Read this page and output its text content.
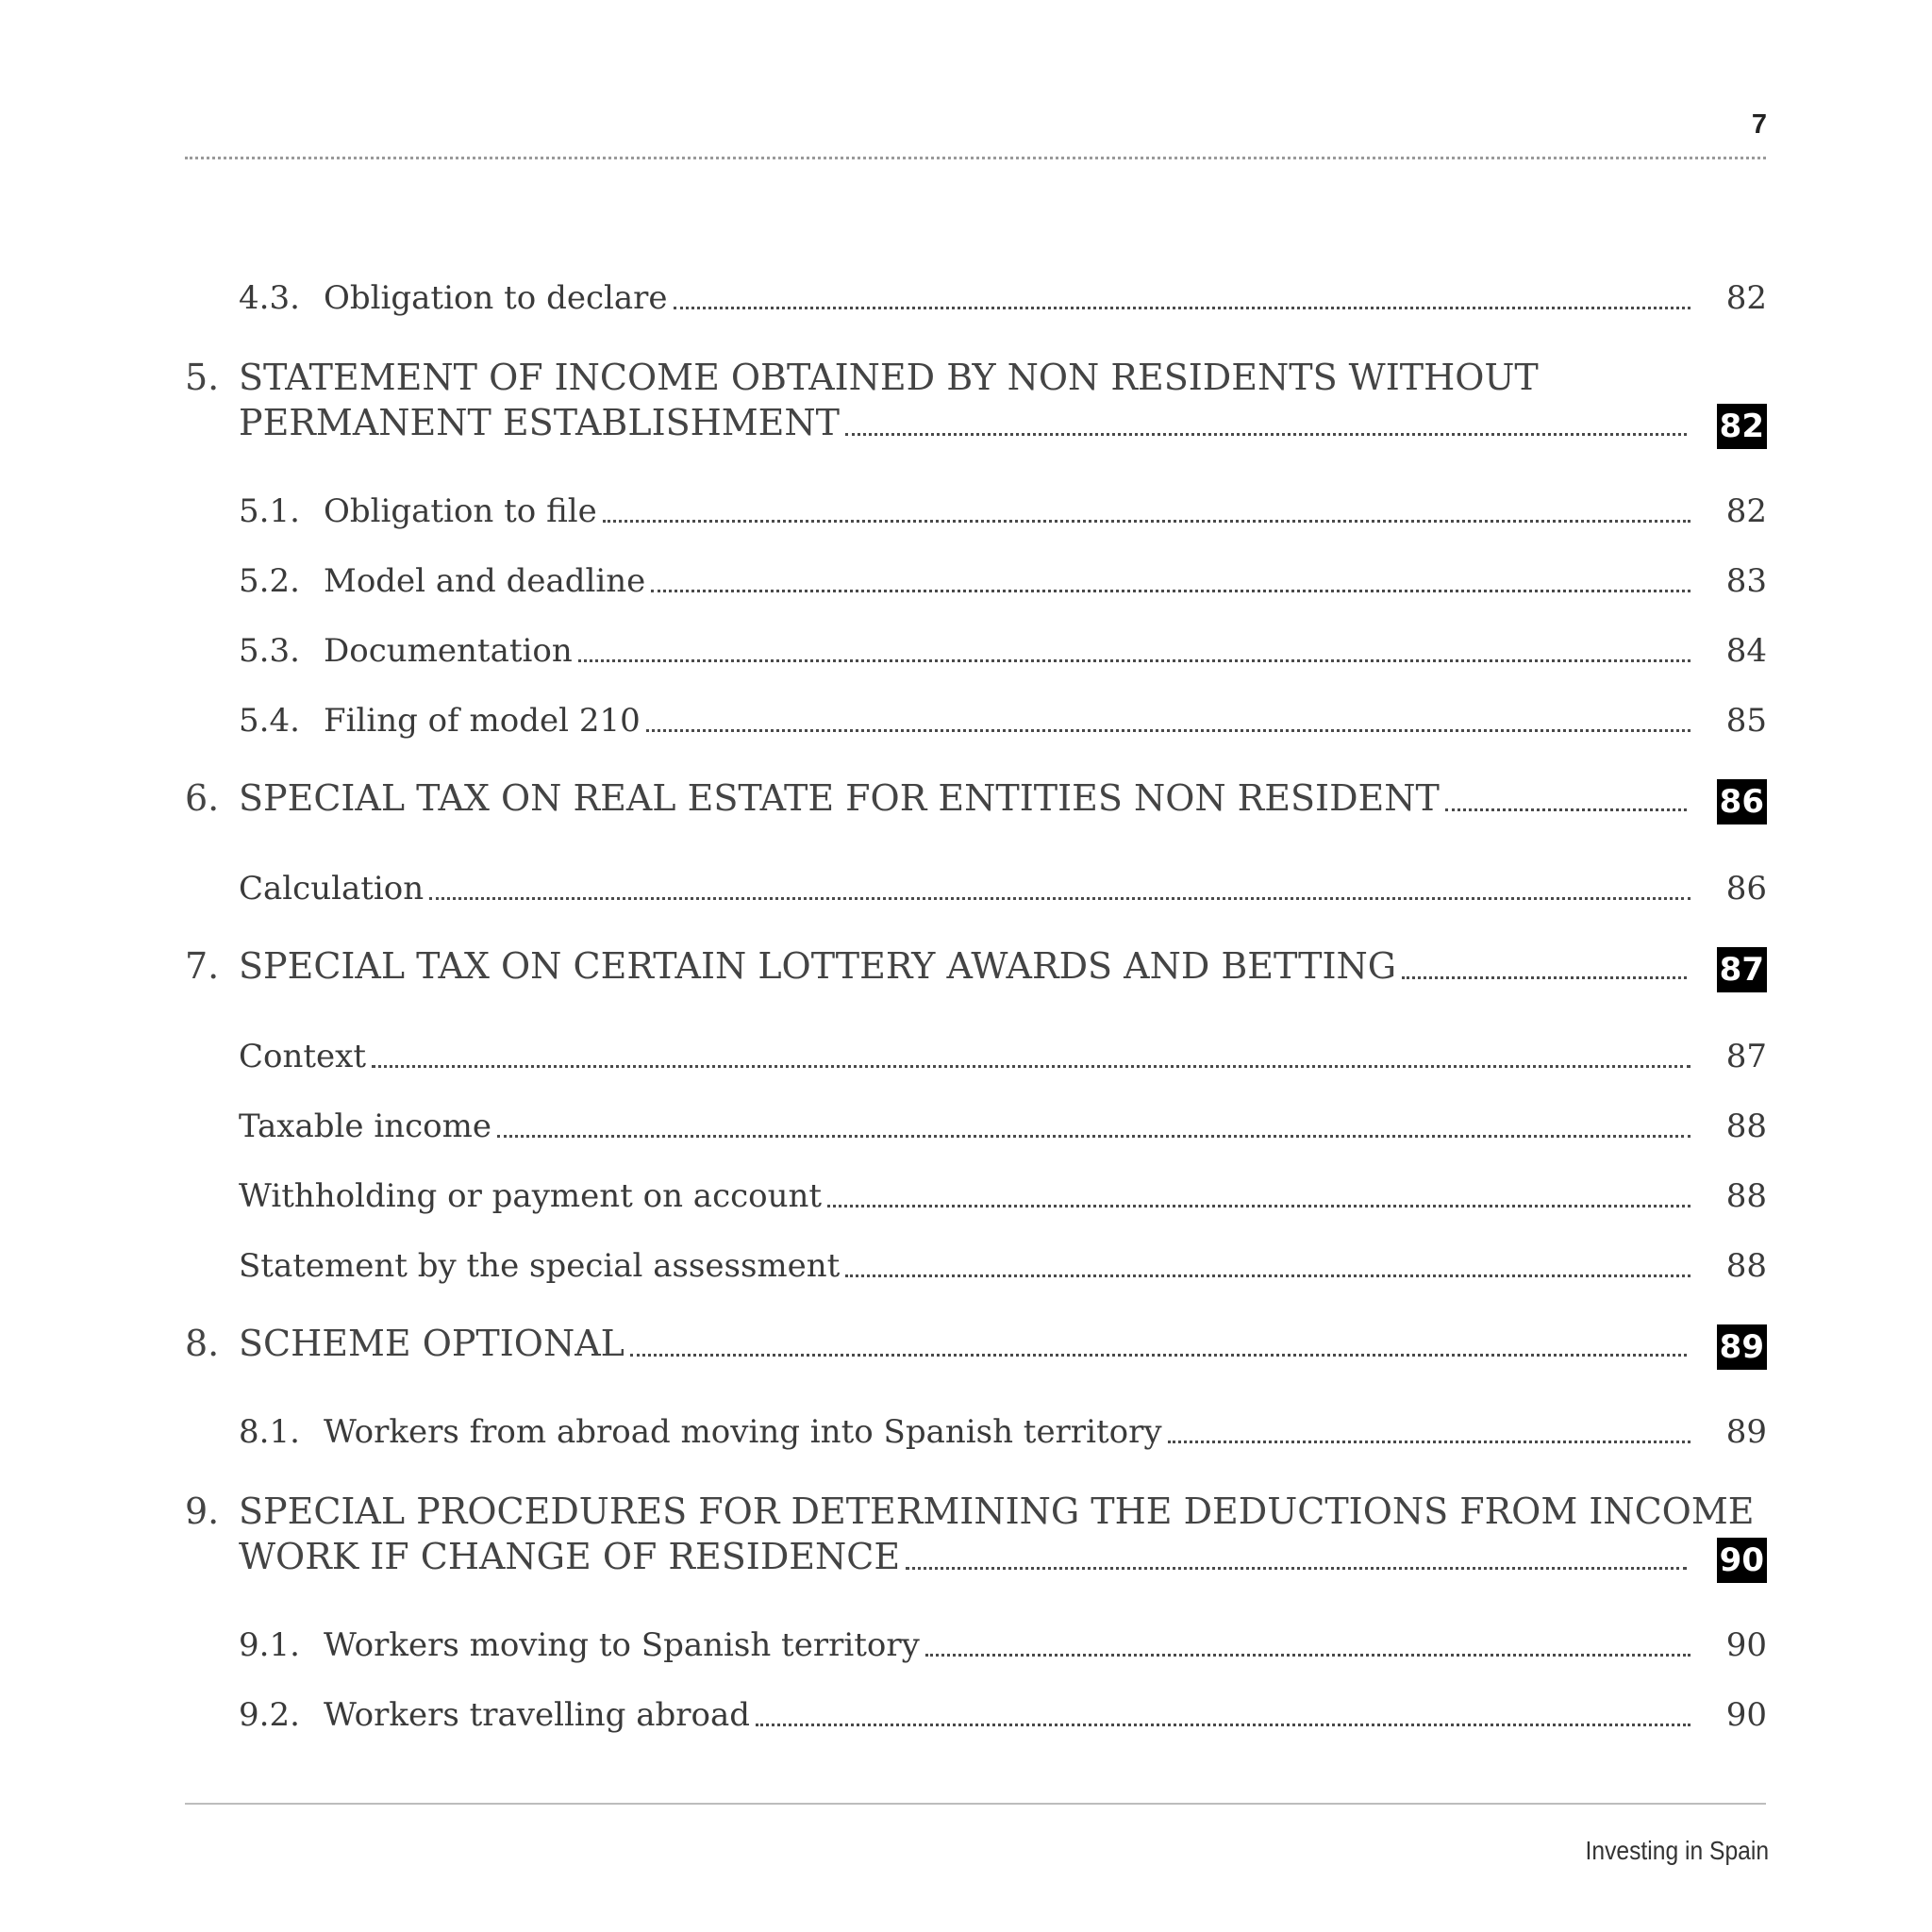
7

4.3. Obligation to declare	82
5. STATEMENT OF INCOME OBTAINED BY NON RESIDENTS WITHOUT
PERMANENT ESTABLISHMENT	82
5.1. Obligation to file	82
5.2. Model and deadline	83
5.3. Documentation	84
5.4. Filing of model 210	85
6. SPECIAL TAX ON REAL ESTATE FOR ENTITIES NON RESIDENT	86
Calculation	86
7. SPECIAL TAX ON CERTAIN LOTTERY AWARDS AND BETTING	87
Context	87
Taxable income	88
Withholding or payment on account	88
Statement by the special assessment	88
8. SCHEME OPTIONAL	89
8.1. Workers from abroad moving into Spanish territory	89
9. SPECIAL PROCEDURES FOR DETERMINING THE DEDUCTIONS FROM INCOME
WORK IF CHANGE OF RESIDENCE	90
9.1. Workers moving to Spanish territory	90
9.2. Workers travelling abroad	90

Investing in Spain
